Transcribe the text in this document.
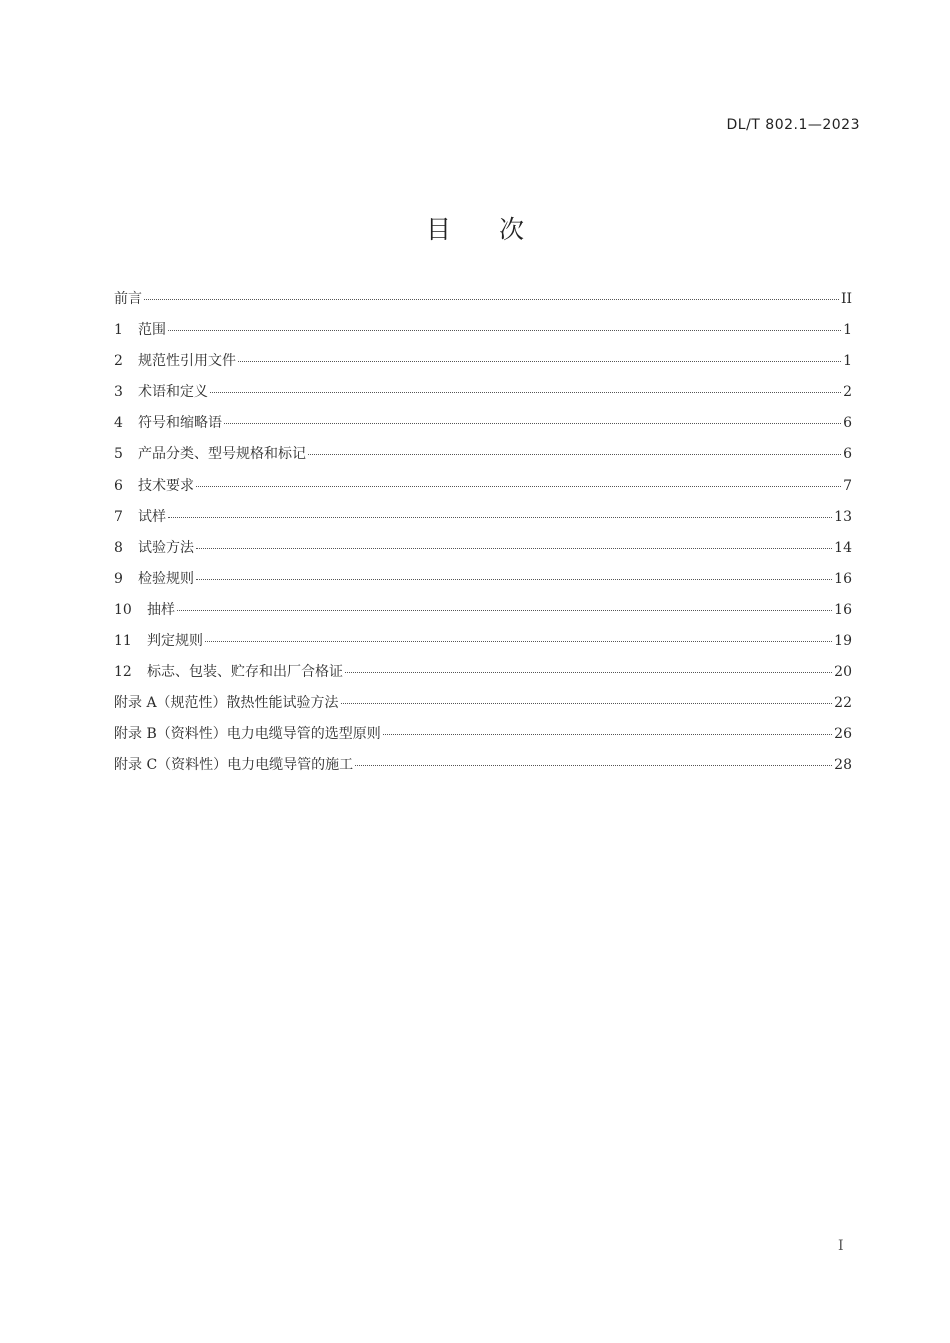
DL/T 802.1—2023
目次
前言	II
1	范围	1
2	规范性引用文件	1
3	术语和定义	2
4	符号和缩略语	6
5	产品分类、型号规格和标记	6
6	技术要求	7
7	试样	13
8	试验方法	14
9	检验规则	16
10	抽样	16
11	判定规则	19
12	标志、包装、贮存和出厂合格证	20
附录 A（规范性）散热性能试验方法	22
附录 B（资料性）电力电缆导管的选型原则	26
附录 C（资料性）电力电缆导管的施工	28
I
